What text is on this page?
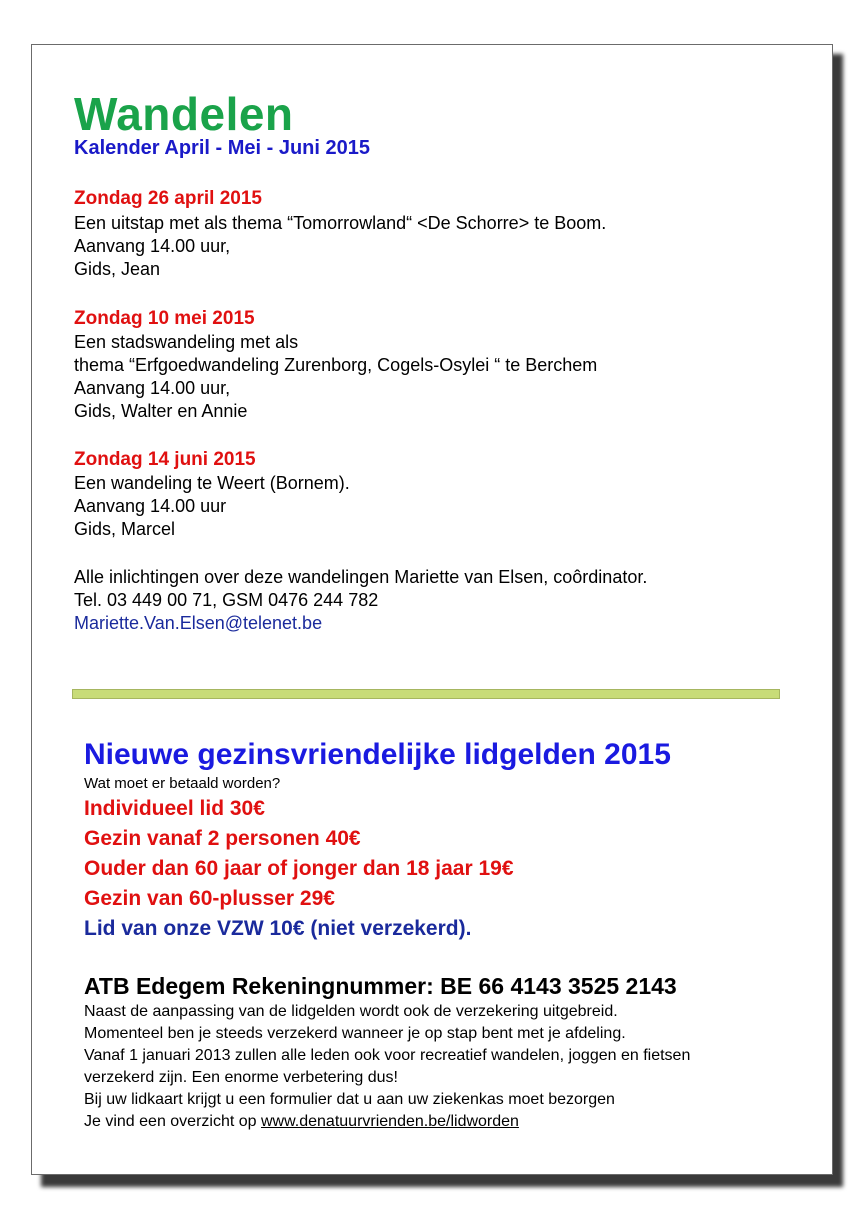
Wandelen
Kalender April - Mei - Juni 2015
Zondag 26 april 2015
Een uitstap met als thema “Tomorrowland“ <De Schorre> te Boom.
Aanvang 14.00 uur,
Gids, Jean
Zondag 10 mei 2015
Een stadswandeling met als
thema “Erfgoedwandeling Zurenborg, Cogels-Osylei “ te Berchem
Aanvang 14.00 uur,
Gids, Walter en Annie
Zondag 14 juni 2015
Een wandeling te Weert (Bornem).
Aanvang 14.00 uur
Gids, Marcel
Alle inlichtingen over deze wandelingen Mariette van Elsen, coôrdinator.
Tel. 03 449 00 71, GSM 0476 244 782
Mariette.Van.Elsen@telenet.be
Nieuwe gezinsvriendelijke lidgelden 2015
Wat moet er betaald worden?
Individueel lid 30€
Gezin vanaf 2 personen 40€
Ouder dan 60 jaar of jonger dan 18 jaar 19€
Gezin van 60-plusser 29€
Lid van onze VZW 10€ (niet verzekerd).
ATB Edegem Rekeningnummer: BE 66 4143 3525 2143
Naast de aanpassing van de lidgelden wordt ook de verzekering uitgebreid.
Momenteel ben je steeds verzekerd wanneer je op stap bent met je afdeling.
Vanaf 1 januari 2013 zullen alle leden ook voor recreatief wandelen, joggen en fietsen
verzekerd zijn. Een enorme verbetering dus!
Bij uw lidkaart krijgt u een formulier dat u aan uw ziekenkas moet bezorgen
Je vind een overzicht op www.denatuurvrienden.be/lidworden
